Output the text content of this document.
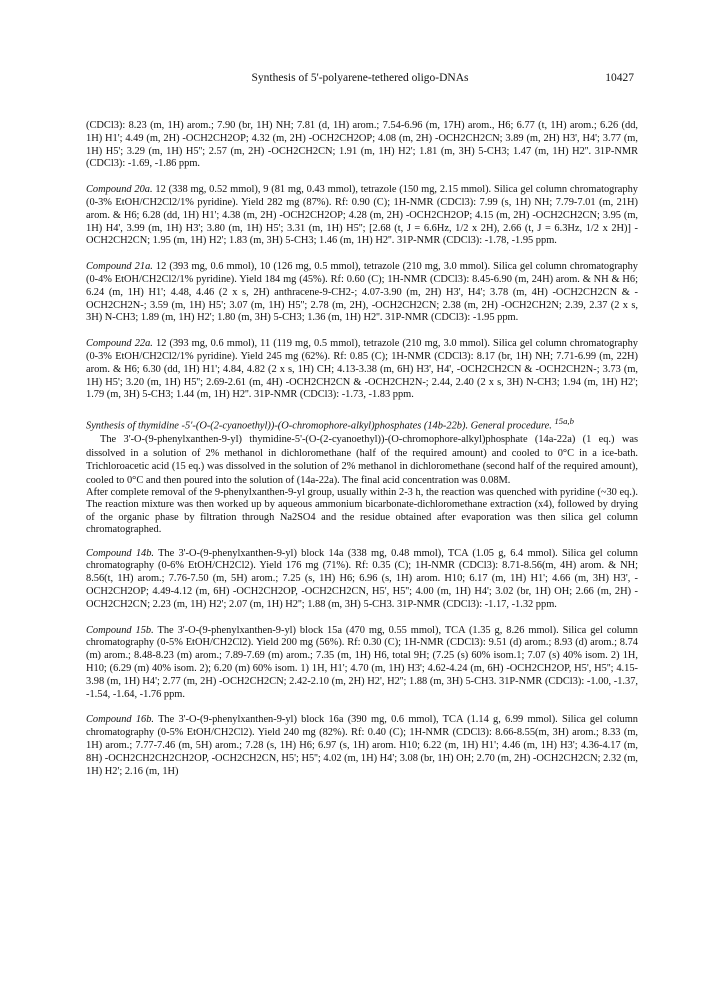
Synthesis of 5'-polyarene-tethered oligo-DNAs	10427

(CDCl3): 8.23 (m, 1H) arom.; 7.90 (br, 1H) NH; 7.81 (d, 1H) arom.; 7.54-6.96 (m, 17H) arom., H6; 6.77 (t, 1H) arom.; 6.26 (dd, 1H) H1'; 4.49 (m, 2H) -OCH2CH2OP; 4.32 (m, 2H) -OCH2CH2OP; 4.08 (m, 2H) -OCH2CH2CN; 3.89 (m, 2H) H3', H4'; 3.77 (m, 1H) H5'; 3.29 (m, 1H) H5''; 2.57 (m, 2H) -OCH2CH2CN; 1.91 (m, 1H) H2'; 1.81 (m, 3H) 5-CH3; 1.47 (m, 1H) H2''. 31P-NMR (CDCl3): -1.69, -1.86 ppm.

Compound 20a. 12 (338 mg, 0.52 mmol), 9 (81 mg, 0.43 mmol), tetrazole (150 mg, 2.15 mmol). Silica gel column chromatography (0-3% EtOH/CH2Cl2/1% pyridine). Yield 282 mg (87%). Rf: 0.90 (C); 1H-NMR (CDCl3): 7.99 (s, 1H) NH; 7.79-7.01 (m, 21H) arom. & H6; 6.28 (dd, 1H) H1'; 4.38 (m, 2H) -OCH2CH2OP; 4.28 (m, 2H) -OCH2CH2OP; 4.15 (m, 2H) -OCH2CH2CN; 3.95 (m, 1H) H4', 3.99 (m, 1H) H3'; 3.80 (m, 1H) H5'; 3.31 (m, 1H) H5''; [2.68 (t, J = 6.6Hz, 1/2 x 2H), 2.66 (t, J = 6.3Hz, 1/2 x 2H)] -OCH2CH2CN; 1.95 (m, 1H) H2'; 1.83 (m, 3H) 5-CH3; 1.46 (m, 1H) H2''. 31P-NMR (CDCl3): -1.78, -1.95 ppm.

Compound 21a. 12 (393 mg, 0.6 mmol), 10 (126 mg, 0.5 mmol), tetrazole (210 mg, 3.0 mmol). Silica gel column chromatography (0-4% EtOH/CH2Cl2/1% pyridine). Yield 184 mg (45%). Rf: 0.60 (C); 1H-NMR (CDCl3): 8.45-6.90 (m, 24H) arom. & NH & H6; 6.24 (m, 1H) H1'; 4.48, 4.46 (2 x s, 2H) anthracene-9-CH2-; 4.07-3.90 (m, 2H) H3', H4'; 3.78 (m, 4H) -OCH2CH2CN & -OCH2CH2N-; 3.59 (m, 1H) H5'; 3.07 (m, 1H) H5''; 2.78 (m, 2H), -OCH2CH2CN; 2.38 (m, 2H) -OCH2CH2N; 2.39, 2.37 (2 x s, 3H) N-CH3; 1.89 (m, 1H) H2'; 1.80 (m, 3H) 5-CH3; 1.36 (m, 1H) H2''. 31P-NMR (CDCl3): -1.95 ppm.

Compound 22a. 12 (393 mg, 0.6 mmol), 11 (119 mg, 0.5 mmol), tetrazole (210 mg, 3.0 mmol). Silica gel column chromatography (0-3% EtOH/CH2Cl2/1% pyridine). Yield 245 mg (62%). Rf: 0.85 (C); 1H-NMR (CDCl3): 8.17 (br, 1H) NH; 7.71-6.99 (m, 22H) arom. & H6; 6.30 (dd, 1H) H1'; 4.84, 4.82 (2 x s, 1H) CH; 4.13-3.38 (m, 6H) H3', H4', -OCH2CH2CN & -OCH2CH2N-; 3.73 (m, 1H) H5'; 3.20 (m, 1H) H5''; 2.69-2.61 (m, 4H) -OCH2CH2CN & -OCH2CH2N-; 2.44, 2.40 (2 x s, 3H) N-CH3; 1.94 (m, 1H) H2'; 1.79 (m, 3H) 5-CH3; 1.44 (m, 1H) H2''. 31P-NMR (CDCl3): -1.73, -1.83 ppm.

Synthesis of thymidine -5'-(O-(2-cyanoethyl))-(O-chromophore-alkyl)phosphates (14b-22b). General procedure. $^{15a,b}$

The 3'-O-(9-phenylxanthen-9-yl) thymidine-5'-(O-(2-cyanoethyl))-(O-chromophore-alkyl)phosphate (14a-22a) (1 eq.) was dissolved in a solution of 2% methanol in dichloromethane (half of the required amount) and cooled to 0°C in a ice-bath. Trichloroacetic acid (15 eq.) was dissolved in the solution of 2% methanol in dichloromethane (second half of the required amount), cooled to 0°C and then poured into the solution of (14a-22a). The final acid concentration was 0.08M.

After complete removal of the 9-phenylxanthen-9-yl group, usually within 2-3 h, the reaction was quenched with pyridine (~30 eq.). The reaction mixture was then worked up by aqueous ammonium bicarbonate-dichloromethane extraction (x4), followed by drying of the organic phase by filtration through Na2SO4 and the residue obtained after evaporation was then silica gel column chromatographed.

Compound 14b. The 3'-O-(9-phenylxanthen-9-yl) block 14a (338 mg, 0.48 mmol), TCA (1.05 g, 6.4 mmol). Silica gel column chromatography (0-6% EtOH/CH2Cl2). Yield 176 mg (71%). Rf: 0.35 (C); 1H-NMR (CDCl3): 8.71-8.56(m, 4H) arom. & NH; 8.56(t, 1H) arom.; 7.76-7.50 (m, 5H) arom.; 7.25 (s, 1H) H6; 6.96 (s, 1H) arom. H10; 6.17 (m, 1H) H1'; 4.66 (m, 3H) H3', -OCH2CH2OP; 4.49-4.12 (m, 6H) -OCH2CH2OP, -OCH2CH2CN, H5', H5''; 4.00 (m, 1H) H4'; 3.02 (br, 1H) OH; 2.66 (m, 2H) -OCH2CH2CN; 2.23 (m, 1H) H2'; 2.07 (m, 1H) H2''; 1.88 (m, 3H) 5-CH3. 31P-NMR (CDCl3): -1.17, -1.32 ppm.

Compound 15b. The 3'-O-(9-phenylxanthen-9-yl) block 15a (470 mg, 0.55 mmol), TCA (1.35 g, 8.26 mmol). Silica gel column chromatography (0-5% EtOH/CH2Cl2). Yield 200 mg (56%). Rf: 0.30 (C); 1H-NMR (CDCl3): 9.51 (d) arom.; 8.93 (d) arom.; 8.74 (m) arom.; 8.48-8.23 (m) arom.; 7.89-7.69 (m) arom.; 7.35 (m, 1H) H6, total 9H; (7.25 (s) 60% isom.1; 7.07 (s) 40% isom. 2) 1H, H10; (6.29 (m) 40% isom. 2); 6.20 (m) 60% isom. 1) 1H, H1'; 4.70 (m, 1H) H3'; 4.62-4.24 (m, 6H) -OCH2CH2OP, H5', H5''; 4.15-3.98 (m, 1H) H4'; 2.77 (m, 2H) -OCH2CH2CN; 2.42-2.10 (m, 2H) H2', H2''; 1.88 (m, 3H) 5-CH3. 31P-NMR (CDCl3): -1.00, -1.37, -1.54, -1.64, -1.76 ppm.

Compound 16b. The 3'-O-(9-phenylxanthen-9-yl) block 16a (390 mg, 0.6 mmol), TCA (1.14 g, 6.99 mmol). Silica gel column chromatography (0-5% EtOH/CH2Cl2). Yield 240 mg (82%). Rf: 0.40 (C); 1H-NMR (CDCl3): 8.66-8.55(m, 3H) arom.; 8.33 (m, 1H) arom.; 7.77-7.46 (m, 5H) arom.; 7.28 (s, 1H) H6; 6.97 (s, 1H) arom. H10; 6.22 (m, 1H) H1'; 4.46 (m, 1H) H3'; 4.36-4.17 (m, 8H) -OCH2CH2CH2CH2OP, -OCH2CH2CN, H5'; H5''; 4.02 (m, 1H) H4'; 3.08 (br, 1H) OH; 2.70 (m, 2H) -OCH2CH2CN; 2.32 (m, 1H) H2'; 2.16 (m, 1H)
